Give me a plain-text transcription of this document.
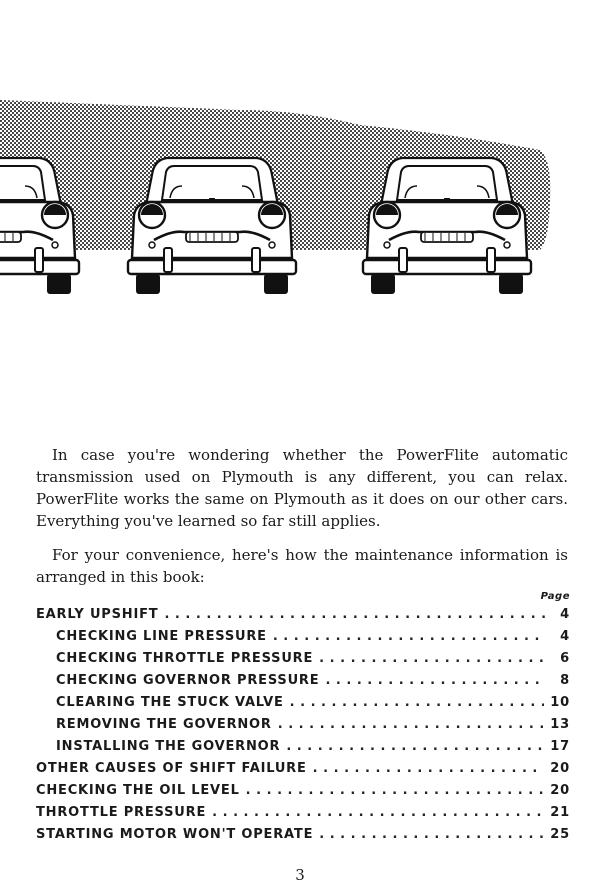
In case you're wondering whether the PowerFlite automatic transmission used on Plymouth is any different, you can relax. PowerFlite works the same on Plymouth as it does on our other cars. Everything you've learned so far still applies.

For your convenience, here's how the maintenance information is arranged in this book:

Page
EARLY UPSHIFT . . .	4
CHECKING LINE PRESSURE . . .	4
CHECKING THROTTLE PRESSURE . . .	6
CHECKING GOVERNOR PRESSURE . . .	8
CLEARING THE STUCK VALVE . . .	10
REMOVING THE GOVERNOR . . .	13
INSTALLING THE GOVERNOR . . .	17
OTHER CAUSES OF SHIFT FAILURE . . .	20
CHECKING THE OIL LEVEL . . .	20
THROTTLE PRESSURE . . .	21
STARTING MOTOR WON'T OPERATE . . .	25
3
